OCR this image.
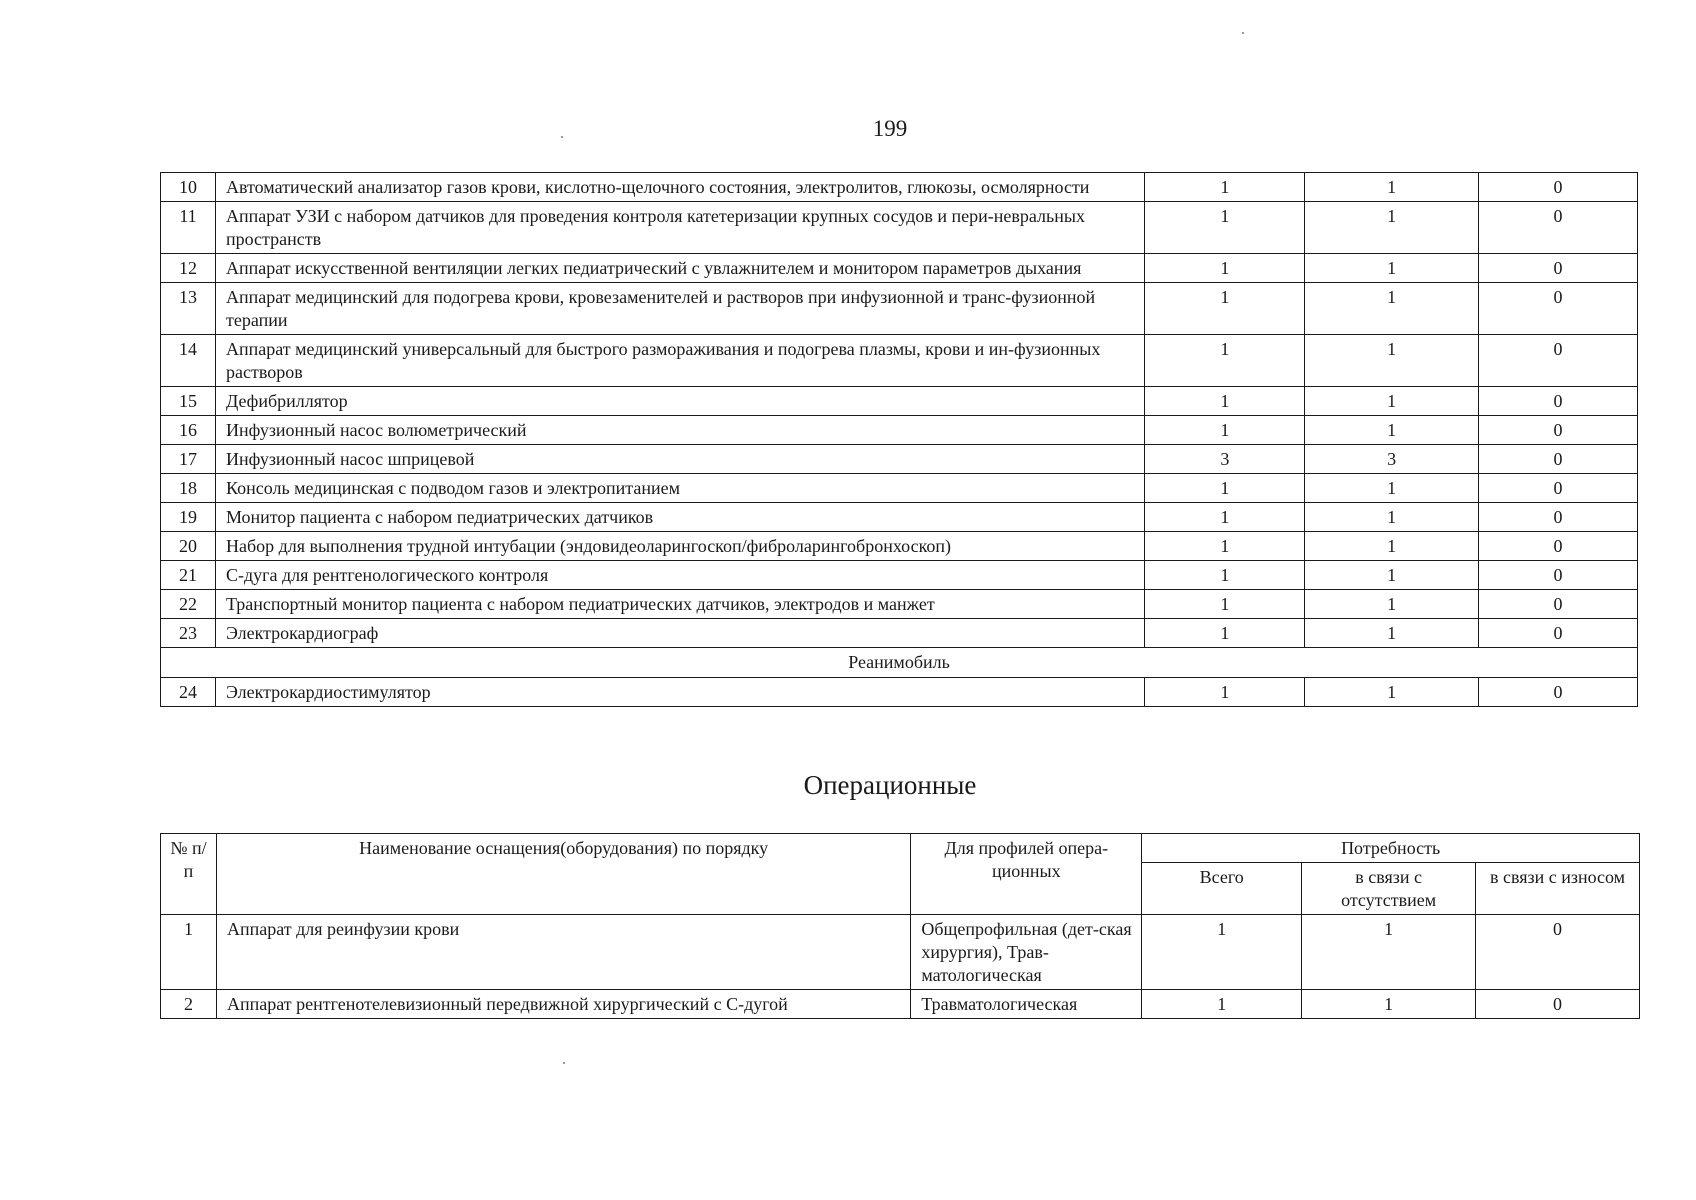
199
10	Автоматический анализатор газов крови, кислотно-щелочного состояния, электролитов, глюкозы, осмолярности	1	1	0
11	Аппарат УЗИ с набором датчиков для проведения контроля катетеризации крупных сосудов и пери-невральных пространств	1	1	0
12	Аппарат искусственной вентиляции легких педиатрический с увлажнителем и монитором параметров дыхания	1	1	0
13	Аппарат медицинский для подогрева крови, кровезаменителей и растворов при инфузионной и транс-фузионной терапии	1	1	0
14	Аппарат медицинский универсальный для быстрого размораживания и подогрева плазмы, крови и ин-фузионных растворов	1	1	0
15	Дефибриллятор	1	1	0
16	Инфузионный насос волюметрический	1	1	0
17	Инфузионный насос шприцевой	3	3	0
18	Консоль медицинская с подводом газов и электропитанием	1	1	0
19	Монитор пациента с набором педиатрических датчиков	1	1	0
20	Набор для выполнения трудной интубации (эндовидеоларингоскоп/фиброларингобронхоскоп)	1	1	0
21	С-дуга для рентгенологического контроля	1	1	0
22	Транспортный монитор пациента с набором педиатрических датчиков, электродов и манжет	1	1	0
23	Электрокардиограф	1	1	0
Реанимобиль				
24	Электрокардиостимулятор	1	1	0
Операционные
№ п/п	Наименование оснащения(оборудования) по порядку	Для профилей опера-ционных	Потребность		
			Всего	в связи с отсутствием	в связи с износом
1	Аппарат для реинфузии крови	Общепрофильная (дет-ская хирургия), Трав-матологическая	1	1	0
2	Аппарат рентгенотелевизионный передвижной хирургический с С-дугой	Травматологическая	1	1	0
